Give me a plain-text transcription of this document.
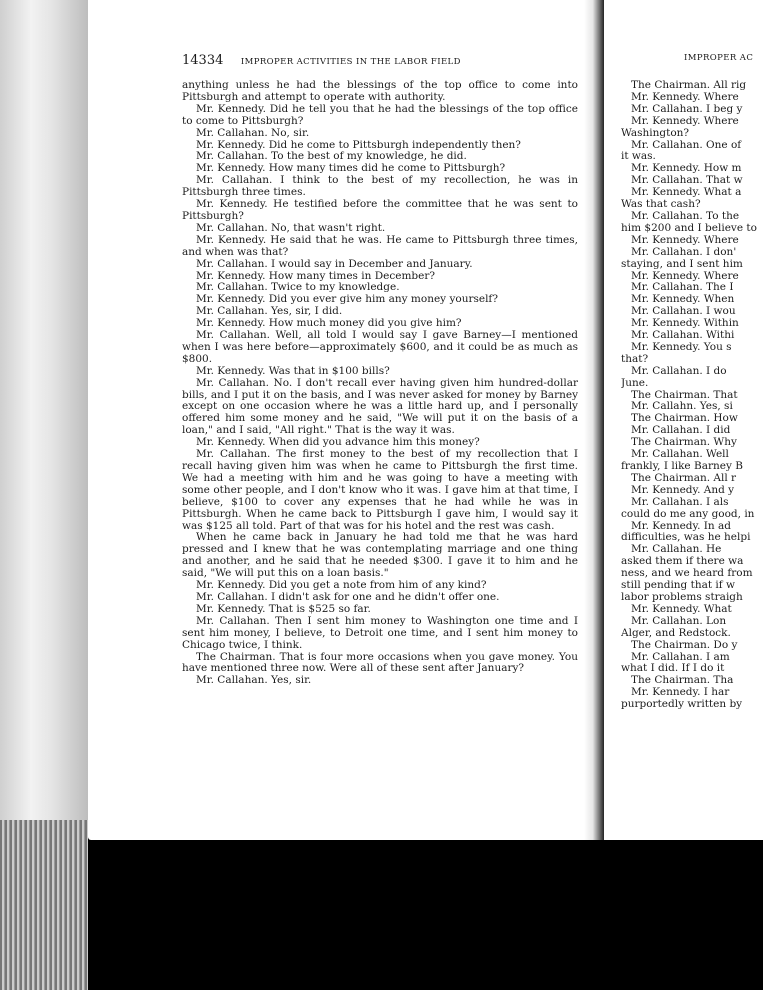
14334 IMPROPER ACTIVITIES IN THE LABOR FIELD

anything unless he had the blessings of the top office to come into Pittsburgh and attempt to operate with authority.

Mr. Kennedy. Did he tell you that he had the blessings of the top office to come to Pittsburgh?

Mr. Callahan. No, sir.

Mr. Kennedy. Did he come to Pittsburgh independently then?

Mr. Callahan. To the best of my knowledge, he did.

Mr. Kennedy. How many times did he come to Pittsburgh?

Mr. Callahan. I think to the best of my recollection, he was in Pittsburgh three times.

Mr. Kennedy. He testified before the committee that he was sent to Pittsburgh?

Mr. Callahan. No, that wasn't right.

Mr. Kennedy. He said that he was. He came to Pittsburgh three times, and when was that?

Mr. Callahan. I would say in December and January.

Mr. Kennedy. How many times in December?

Mr. Callahan. Twice to my knowledge.

Mr. Kennedy. Did you ever give him any money yourself?

Mr. Callahan. Yes, sir, I did.

Mr. Kennedy. How much money did you give him?

Mr. Callahan. Well, all told I would say I gave Barney—I mentioned when I was here before—approximately $600, and it could be as much as $800.

Mr. Kennedy. Was that in $100 bills?

Mr. Callahan. No. I don't recall ever having given him hundred-dollar bills, and I put it on the basis, and I was never asked for money by Barney except on one occasion where he was a little hard up, and I personally offered him some money and he said, "We will put it on the basis of a loan," and I said, "All right." That is the way it was.

Mr. Kennedy. When did you advance him this money?

Mr. Callahan. The first money to the best of my recollection that I recall having given him was when he came to Pittsburgh the first time. We had a meeting with him and he was going to have a meeting with some other people, and I don't know who it was. I gave him at that time, I believe, $100 to cover any expenses that he had while he was in Pittsburgh. When he came back to Pittsburgh I gave him, I would say it was $125 all told. Part of that was for his hotel and the rest was cash.

When he came back in January he had told me that he was hard pressed and I knew that he was contemplating marriage and one thing and another, and he said that he needed $300. I gave it to him and he said, "We will put this on a loan basis."

Mr. Kennedy. Did you get a note from him of any kind?

Mr. Callahan. I didn't ask for one and he didn't offer one.

Mr. Kennedy. That is $525 so far.

Mr. Callahan. Then I sent him money to Washington one time and I sent him money, I believe, to Detroit one time, and I sent him money to Chicago twice, I think.

The Chairman. That is four more occasions when you gave money. You have mentioned three now. Were all of these sent after January?

Mr. Callahan. Yes, sir.

IMPROPER AC

The Chairman. All rig

Mr. Kennedy. Where

Mr. Callahan. I beg y

Mr. Kennedy. Where

Washington?

Mr. Callahan. One of

it was.

Mr. Kennedy. How m

Mr. Callahan. That w

Mr. Kennedy. What a

Was that cash?

Mr. Callahan. To the

him $200 and I believe to

Mr. Kennedy. Where

Mr. Callahan. I don'

staying, and I sent him

Mr. Kennedy. Where

Mr. Callahan. The I

Mr. Kennedy. When

Mr. Callahan. I wou

Mr. Kennedy. Within

Mr. Callahan. Withi

Mr. Kennedy. You s

that?

Mr. Callahan. I do

June.

The Chairman. That

Mr. Callahn. Yes, si

The Chairman. How

Mr. Callahan. I did

The Chairman. Why

Mr. Callahan. Well

frankly, I like Barney B

The Chairman. All r

Mr. Kennedy. And y

Mr. Callahan. I als

could do me any good, in

Mr. Kennedy. In ad

difficulties, was he helpi

Mr. Callahan. He

asked them if there wa

ness, and we heard from

still pending that if w

labor problems straigh

Mr. Kennedy. What

Mr. Callahan. Lon

Alger, and Redstock.

The Chairman. Do y

Mr. Callahan. I am

what I did. If I do it

The Chairman. Tha

Mr. Kennedy. I har

purportedly written by
